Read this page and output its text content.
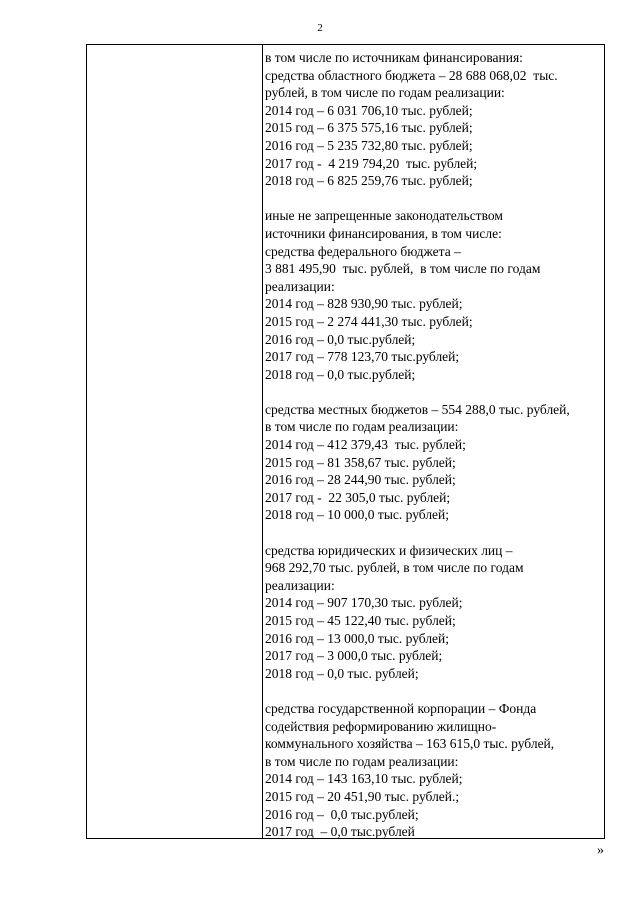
2
в том числе по источникам финансирования:
средства областного бюджета – 28 688 068,02  тыс.
рублей, в том числе по годам реализации:
2014 год – 6 031 706,10 тыс. рублей;
2015 год – 6 375 575,16 тыс. рублей;
2016 год – 5 235 732,80 тыс. рублей;
2017 год -  4 219 794,20  тыс. рублей;
2018 год – 6 825 259,76 тыс. рублей;
иные не запрещенные законодательством
источники финансирования, в том числе:
средства федерального бюджета –
3 881 495,90  тыс. рублей,  в том числе по годам
реализации:
2014 год – 828 930,90 тыс. рублей;
2015 год – 2 274 441,30 тыс. рублей;
2016 год – 0,0 тыс.рублей;
2017 год – 778 123,70 тыс.рублей;
2018 год – 0,0 тыс.рублей;
средства местных бюджетов – 554 288,0 тыс. рублей,
в том числе по годам реализации:
2014 год – 412 379,43  тыс. рублей;
2015 год – 81 358,67 тыс. рублей;
2016 год – 28 244,90 тыс. рублей;
2017 год -  22 305,0 тыс. рублей;
2018 год – 10 000,0 тыс. рублей;
средства юридических и физических лиц –
968 292,70 тыс. рублей, в том числе по годам
реализации:
2014 год – 907 170,30 тыс. рублей;
2015 год – 45 122,40 тыс. рублей;
2016 год – 13 000,0 тыс. рублей;
2017 год – 3 000,0 тыс. рублей;
2018 год – 0,0 тыс. рублей;
средства государственной корпорации – Фонда
содействия реформированию жилищно-
коммунального хозяйства – 163 615,0 тыс. рублей,
в том числе по годам реализации:
2014 год – 143 163,10 тыс. рублей;
2015 год – 20 451,90 тыс. рублей.;
2016 год –  0,0 тыс.рублей;
2017 год  – 0,0 тыс.рублей
»
